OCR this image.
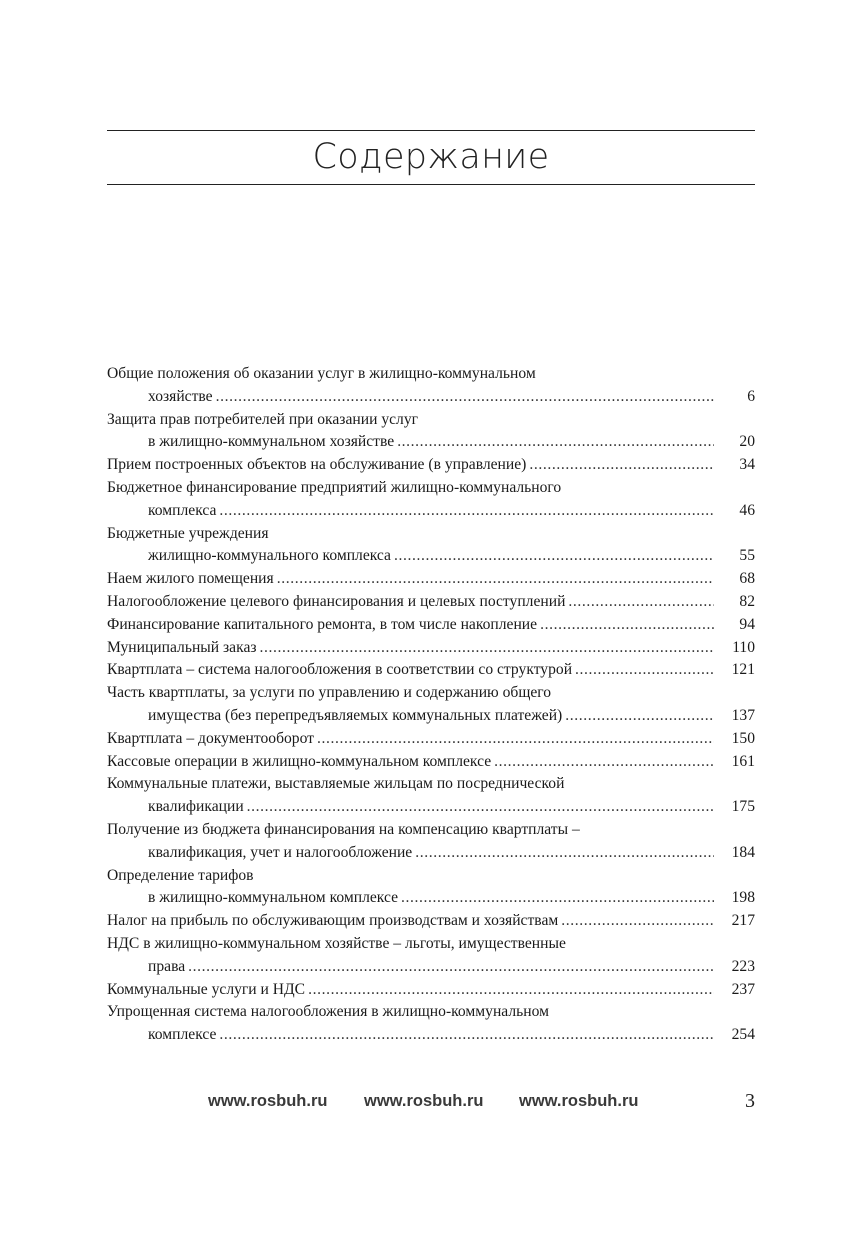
Содержание
Общие положения об оказании услуг в жилищно-коммунальном
хозяйстве .....	6
Защита прав потребителей при оказании услуг
в жилищно-коммунальном хозяйстве .....	20
Прием построенных объектов на обслуживание (в управление) .....	34
Бюджетное финансирование предприятий жилищно-коммунального
комплекса .....	46
Бюджетные учреждения
жилищно-коммунального комплекса .....	55
Наем жилого помещения .....	68
Налогообложение целевого финансирования и целевых поступлений .....	82
Финансирование капитального ремонта, в том числе накопление .....	94
Муниципальный заказ .....	110
Квартплата – система налогообложения в соответствии со структурой .....	121
Часть квартплаты, за услуги по управлению и содержанию общего
имущества (без перепредъявляемых коммунальных платежей) .....	137
Квартплата – документооборот .....	150
Кассовые операции в жилищно-коммунальном комплексе .....	161
Коммунальные платежи, выставляемые жильцам по посреднической
квалификации .....	175
Получение из бюджета финансирования на компенсацию квартплаты –
квалификация, учет и налогообложение .....	184
Определение тарифов
в жилищно-коммунальном комплексе .....	198
Налог на прибыль по обслуживающим производствам и хозяйствам .....	217
НДС в жилищно-коммунальном хозяйстве – льготы, имущественные
права .....	223
Коммунальные услуги и НДС .....	237
Упрощенная система налогообложения в жилищно-коммунальном
комплексе .....	254
www.rosbuh.ru www.rosbuh.ru www.rosbuh.ru	3
